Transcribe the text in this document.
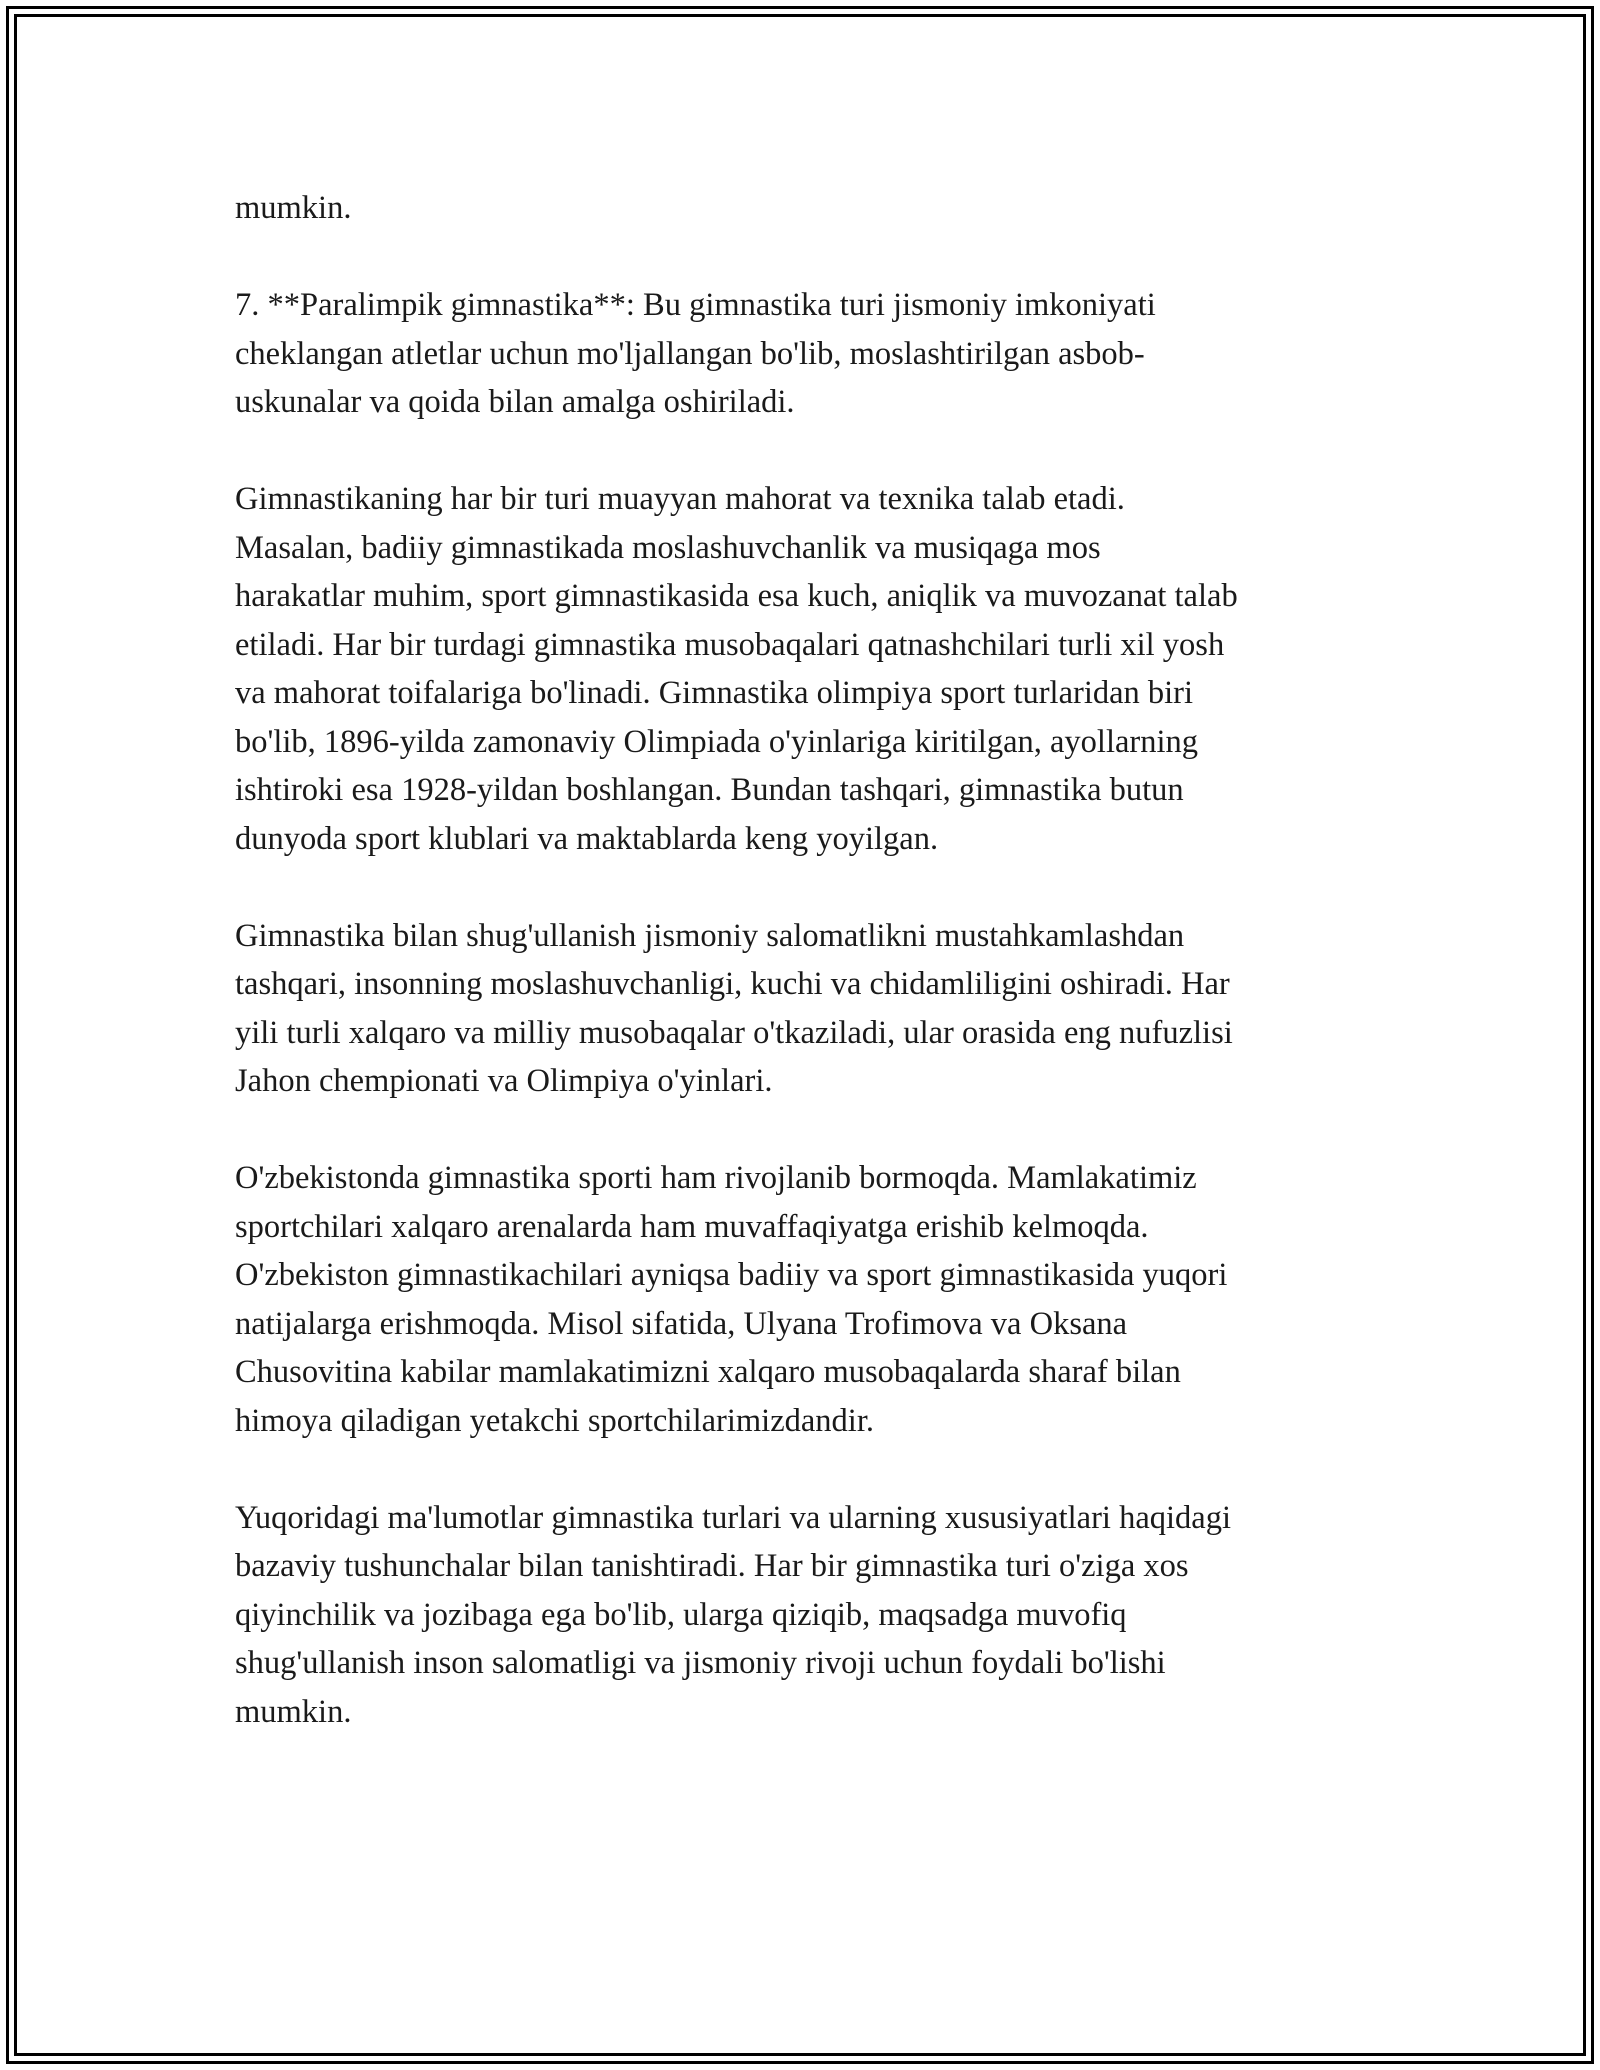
mumkin.

7. **Paralimpik gimnastika**: Bu gimnastika turi jismoniy imkoniyati
cheklangan atletlar uchun mo'ljallangan bo'lib, moslashtirilgan asbob-
uskunalar va qoida bilan amalga oshiriladi.

Gimnastikaning har bir turi muayyan mahorat va texnika talab etadi.
Masalan, badiiy gimnastikada moslashuvchanlik va musiqaga mos
harakatlar muhim, sport gimnastikasida esa kuch, aniqlik va muvozanat talab
etiladi. Har bir turdagi gimnastika musobaqalari qatnashchilari turli xil yosh
va mahorat toifalariga bo'linadi. Gimnastika olimpiya sport turlaridan biri
bo'lib, 1896-yilda zamonaviy Olimpiada o'yinlariga kiritilgan, ayollarning
ishtiroki esa 1928-yildan boshlangan. Bundan tashqari, gimnastika butun
dunyoda sport klublari va maktablarda keng yoyilgan.

Gimnastika bilan shug'ullanish jismoniy salomatlikni mustahkamlashdan
tashqari, insonning moslashuvchanligi, kuchi va chidamliligini oshiradi. Har
yili turli xalqaro va milliy musobaqalar o'tkaziladi, ular orasida eng nufuzlisi
Jahon chempionati va Olimpiya o'yinlari.

O'zbekistonda gimnastika sporti ham rivojlanib bormoqda. Mamlakatimiz
sportchilari xalqaro arenalarda ham muvaffaqiyatga erishib kelmoqda.
O'zbekiston gimnastikachilari ayniqsa badiiy va sport gimnastikasida yuqori
natijalarga erishmoqda. Misol sifatida, Ulyana Trofimova va Oksana
Chusovitina kabilar mamlakatimizni xalqaro musobaqalarda sharaf bilan
himoya qiladigan yetakchi sportchilarimizdandir.

Yuqoridagi ma'lumotlar gimnastika turlari va ularning xususiyatlari haqidagi
bazaviy tushunchalar bilan tanishtiradi. Har bir gimnastika turi o'ziga xos
qiyinchilik va jozibaga ega bo'lib, ularga qiziqib, maqsadga muvofiq
shug'ullanish inson salomatligi va jismoniy rivoji uchun foydali bo'lishi
mumkin.
